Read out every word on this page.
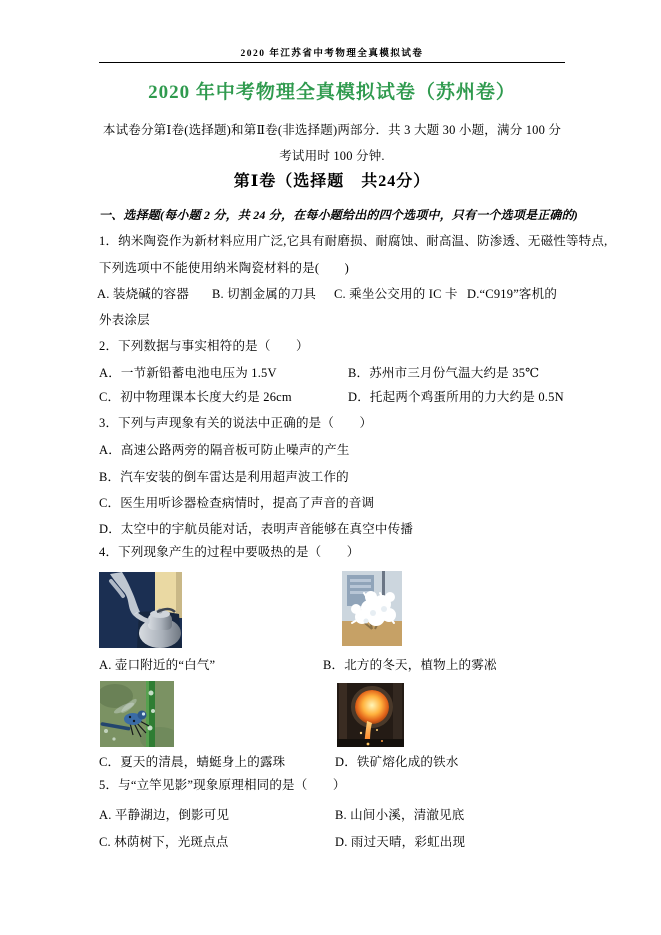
2020 年江苏省中考物理全真模拟试卷
2020 年中考物理全真模拟试卷（苏州卷）
本试卷分第Ⅰ卷(选择题)和第Ⅱ卷(非选择题)两部分．共 3 大题 30 小题，满分 100 分
考试用时 100 分钟.
第Ⅰ卷（选择题　共24分）
一、选择题(每小题 2 分，共 24 分，在每小题给出的四个选项中，只有一个选项是正确的)
1．纳米陶瓷作为新材料应用广泛,它具有耐磨损、耐腐蚀、耐高温、防渗透、无磁性等特点,
下列选项中不能使用纳米陶瓷材料的是(　　)
A. 装烧碱的容器 B. 切割金属的刀具 C. 乘坐公交用的 IC 卡 D.“C919”客机的
外表涂层
2．下列数据与事实相符的是（　　）
A．一节新铅蓄电池电压为 1.5V	B．苏州市三月份气温大约是 35℃
C．初中物理课本长度大约是 26cm	D．托起两个鸡蛋所用的力大约是 0.5N
3．下列与声现象有关的说法中正确的是（　　）
A．高速公路两旁的隔音板可防止噪声的产生
B．汽车安装的倒车雷达是利用超声波工作的
C．医生用听诊器检查病情时，提高了声音的音调
D．太空中的宇航员能对话，表明声音能够在真空中传播
4．下列现象产生的过程中要吸热的是（　　）
A. 壶口附近的“白气”	B．北方的冬天，植物上的雾凇
C．夏天的清晨，蜻蜓身上的露珠	D．铁矿熔化成的铁水
5．与“立竿见影”现象原理相同的是（　　）
A. 平静湖边，倒影可见	B. 山间小溪，清澈见底
C. 林荫树下，光斑点点	D. 雨过天晴，彩虹出现
